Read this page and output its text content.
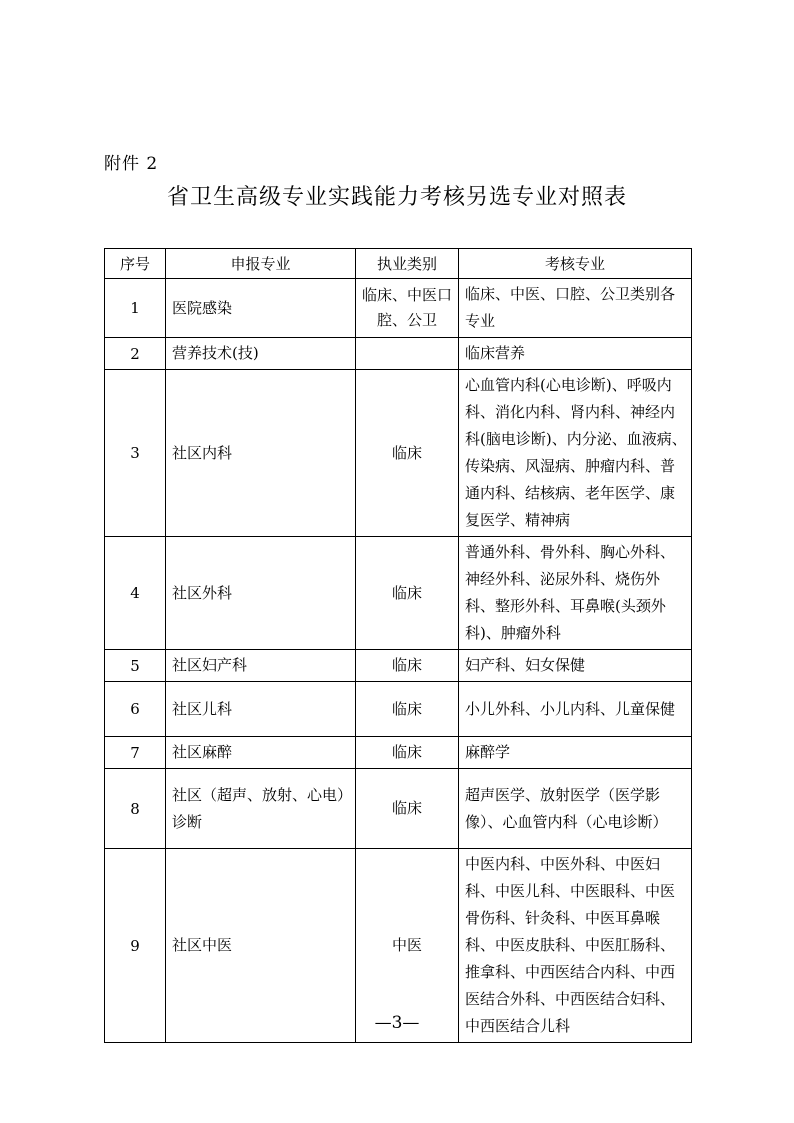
附件 2
省卫生高级专业实践能力考核另选专业对照表
序号	申报专业	执业类别	考核专业
1	医院感染	临床、中医口腔、公卫	临床、中医、口腔、公卫类别各专业
2	营养技术(技)		临床营养
3	社区内科	临床	心血管内科(心电诊断)、呼吸内科、消化内科、肾内科、神经内科(脑电诊断)、内分泌、血液病、传染病、风湿病、肿瘤内科、普通内科、结核病、老年医学、康复医学、精神病
4	社区外科	临床	普通外科、骨外科、胸心外科、神经外科、泌尿外科、烧伤外科、整形外科、耳鼻喉(头颈外科)、肿瘤外科
5	社区妇产科	临床	妇产科、妇女保健
6	社区儿科	临床	小儿外科、小儿内科、儿童保健
7	社区麻醉	临床	麻醉学
8	社区（超声、放射、心电）诊断	临床	超声医学、放射医学（医学影像）、心血管内科（心电诊断）
9	社区中医	中医	中医内科、中医外科、中医妇科、中医儿科、中医眼科、中医骨伤科、针灸科、中医耳鼻喉科、中医皮肤科、中医肛肠科、推拿科、中西医结合内科、中西医结合外科、中西医结合妇科、中西医结合儿科
—3—
